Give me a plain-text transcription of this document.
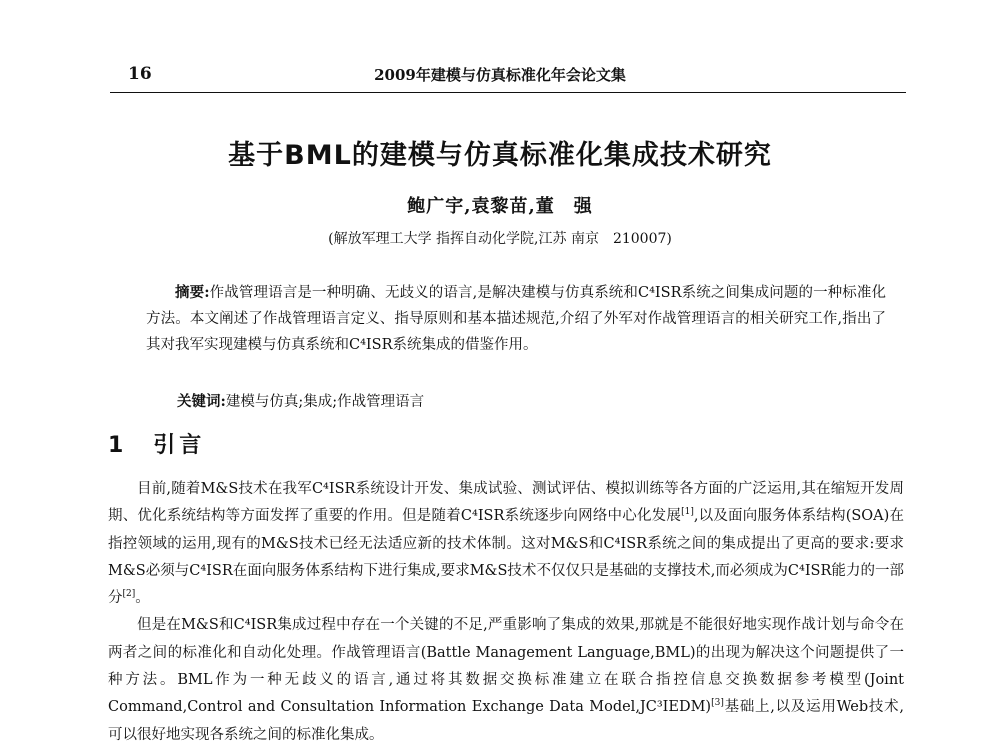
16	2009年建模与仿真标准化年会论文集
基于BML的建模与仿真标准化集成技术研究
鲍广宇,袁黎苗,董　强
(解放军理工大学 指挥自动化学院,江苏 南京　210007)

摘要:作战管理语言是一种明确、无歧义的语言,是解决建模与仿真系统和C⁴ISR系统之间集成问题的一种标准化方法。本文阐述了作战管理语言定义、指导原则和基本描述规范,介绍了外军对作战管理语言的相关研究工作,指出了其对我军实现建模与仿真系统和C⁴ISR系统集成的借鉴作用。

关键词:建模与仿真;集成;作战管理语言
1　引言

目前,随着M&S技术在我军C⁴ISR系统设计开发、集成试验、测试评估、模拟训练等各方面的广泛运用,其在缩短开发周期、优化系统结构等方面发挥了重要的作用。但是随着C⁴ISR系统逐步向网络中心化发展[1],以及面向服务体系结构(SOA)在指控领域的运用,现有的M&S技术已经无法适应新的技术体制。这对M&S和C⁴ISR系统之间的集成提出了更高的要求:要求M&S必须与C⁴ISR在面向服务体系结构下进行集成,要求M&S技术不仅仅只是基础的支撑技术,而必须成为C⁴ISR能力的一部分[2]。

但是在M&S和C⁴ISR集成过程中存在一个关键的不足,严重影响了集成的效果,那就是不能很好地实现作战计划与命令在两者之间的标准化和自动化处理。作战管理语言(Battle Management Language,BML)的出现为解决这个问题提供了一种方法。BML作为一种无歧义的语言,通过将其数据交换标准建立在联合指控信息交换数据参考模型(Joint Command,Control and Consultation Information Exchange Data Model,JC³IEDM)[3]基础上,以及运用Web技术,可以很好地实现各系统之间的标准化集成。
